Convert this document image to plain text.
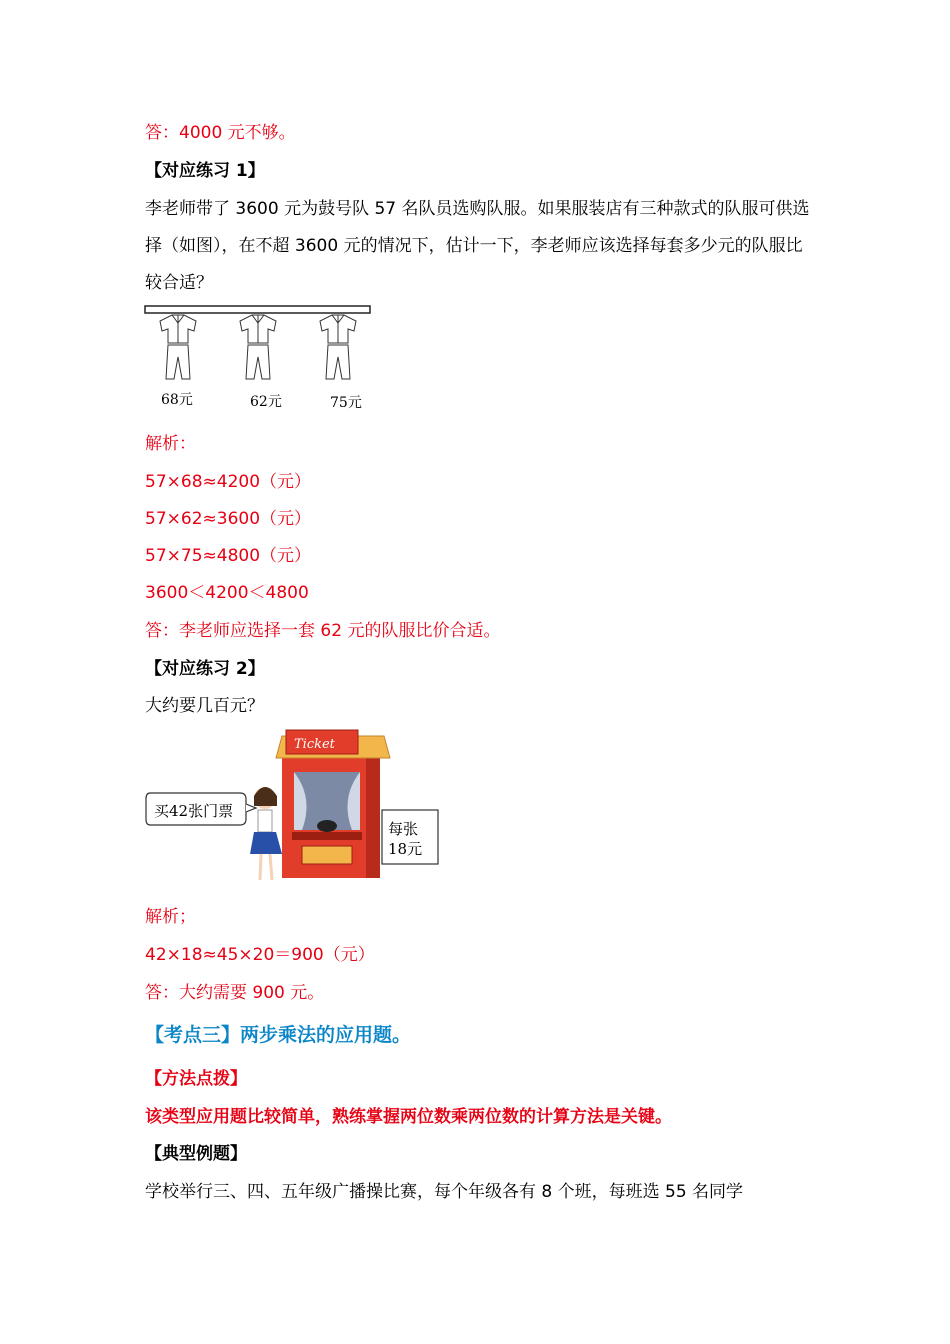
答：4000 元不够。
【对应练习 1】
李老师带了 3600 元为鼓号队 57 名队员选购队服。如果服装店有三种款式的队服可供选择（如图），在不超 3600 元的情况下，估计一下，李老师应该选择每套多少元的队服比较合适？
68元	62元	75元
解析：
57×68≈4200（元）
57×62≈3600（元）
57×75≈4800（元）
3600＜4200＜4800
答：李老师应选择一套 62 元的队服比价合适。
【对应练习 2】
大约要几百元？
Ticket
买42张门票
每张
18元
解析；
42×18≈45×20＝900（元）
答：大约需要 900 元。
【考点三】两步乘法的应用题。
【方法点拨】
该类型应用题比较简单，熟练掌握两位数乘两位数的计算方法是关键。
【典型例题】
学校举行三、四、五年级广播操比赛，每个年级各有 8 个班，每班选 55 名同学
